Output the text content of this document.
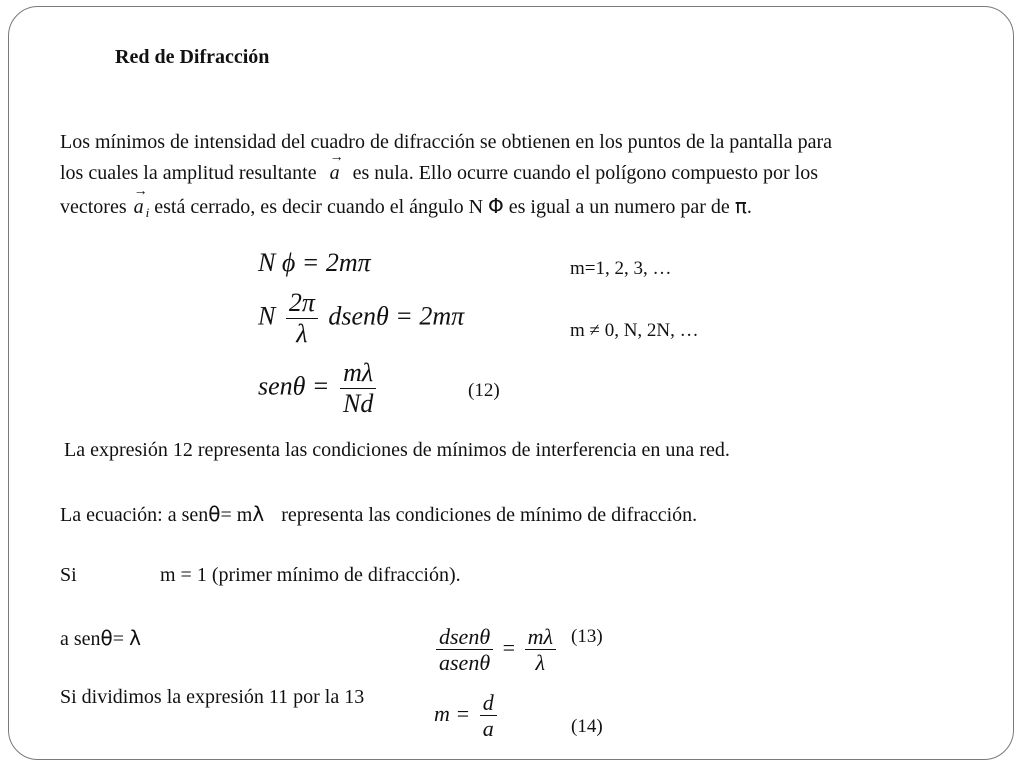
Red de Difracción
Los mínimos de intensidad del cuadro de difracción se obtienen en los puntos de la pantalla para
los cuales la amplitud resultante → a es nula. Ello ocurre cuando el polígono compuesto por los
vectores → a $_i$ está cerrado, es decir cuando el ángulo N Φ es igual a un numero par de π.
N ϕ = 2mπ	m=1, 2, 3, …
N $\frac{2\pi}{\lambda}$ dsenθ = 2mπ
m ≠ 0, N, 2N, …
$sen\theta = \frac{m\lambda}{Nd}$	(12)
La expresión 12 representa las condiciones de mínimos de interferencia en una red.
La ecuación: a senθ= mλ representa las condiciones de mínimo de difracción.
Si	m = 1 (primer mínimo de difracción).
a senθ= λ	$\frac{\text{dsenθ}}{\text{asenθ}} = \frac{m\lambda}{\lambda} (13)$
Si dividimos la expresión 11 por la 13
$m = \frac{d}{a}$	(14)
